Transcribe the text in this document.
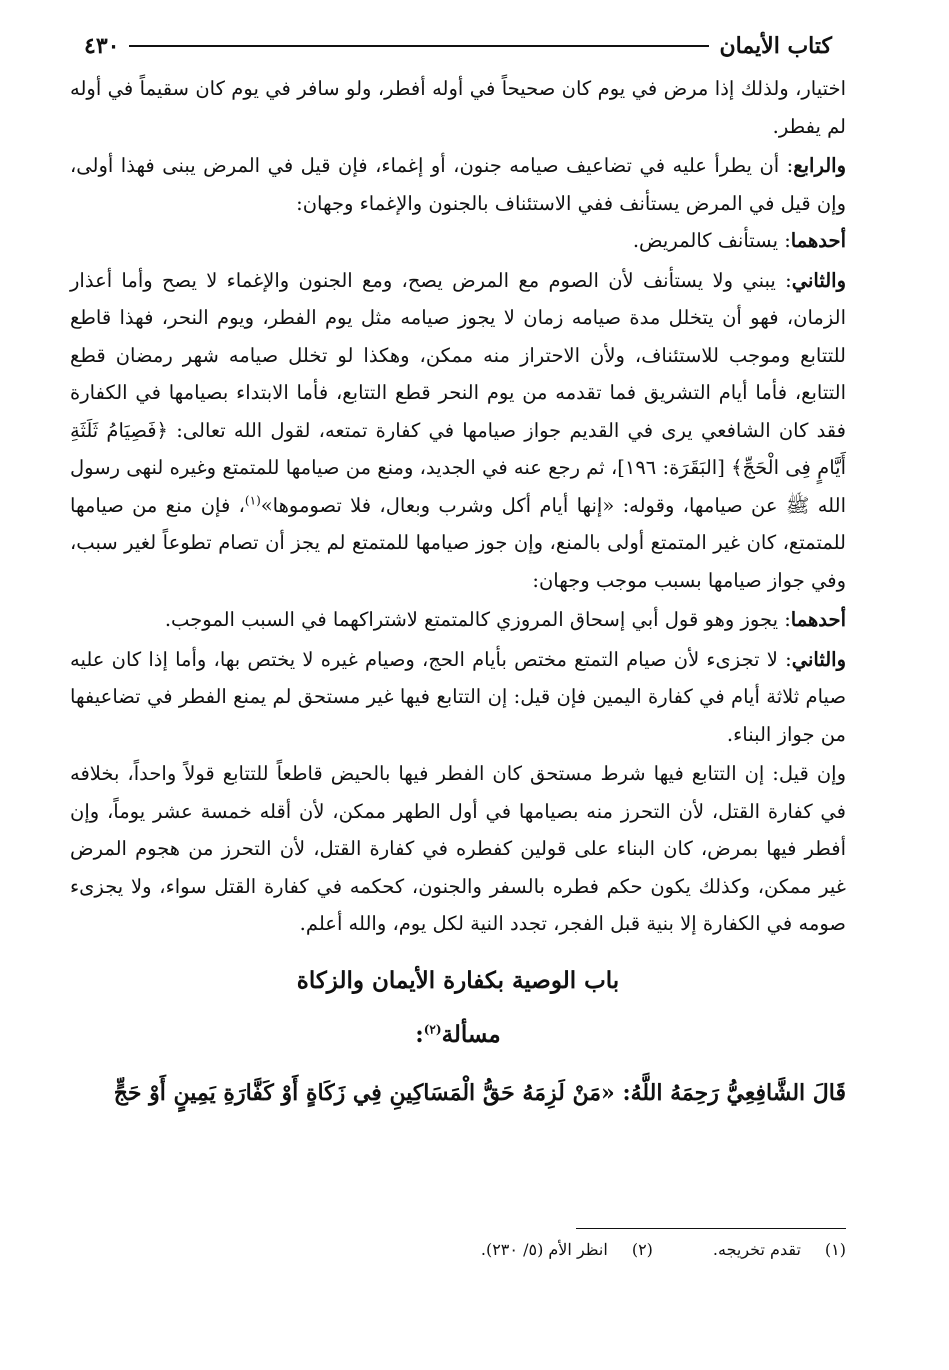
٤٣٠	كتاب الأيمان

اختيار، ولذلك إذا مرض في يوم كان صحيحاً في أوله أفطر، ولو سافر في يوم كان سقيماً في أوله لم يفطر.

والرابع: أن يطرأ عليه في تضاعيف صيامه جنون، أو إغماء، فإن قيل في المرض يبنى فهذا أولى، وإن قيل في المرض يستأنف ففي الاستئناف بالجنون والإغماء وجهان:

أحدهما: يستأنف كالمريض.

والثاني: يبني ولا يستأنف لأن الصوم مع المرض يصح، ومع الجنون والإغماء لا يصح وأما أعذار الزمان، فهو أن يتخلل مدة صيامه زمان لا يجوز صيامه مثل يوم الفطر، ويوم النحر، فهذا قاطع للتتابع وموجب للاستئناف، ولأن الاحتراز منه ممكن، وهكذا لو تخلل صيامه شهر رمضان قطع التتابع، فأما أيام التشريق فما تقدمه من يوم النحر قطع التتابع، فأما الابتداء بصيامها في الكفارة فقد كان الشافعي يرى في القديم جواز صيامها في كفارة تمتعه، لقول الله تعالى: ﴿فَصِيَامُ ثَلَثَةِ أَيَّامٍ فِى الْحَجِّ﴾ [البَقَرَة: ١٩٦]، ثم رجع عنه في الجديد، ومنع من صيامها للمتمتع وغيره لنهى رسول الله ﷺ عن صيامها، وقوله: «إنها أيام أكل وشرب وبعال، فلا تصوموها»$^{(١)}$، فإن منع من صيامها للمتمتع، كان غير المتمتع أولى بالمنع، وإن جوز صيامها للمتمتع لم يجز أن تصام تطوعاً لغير سبب، وفي جواز صيامها بسبب موجب وجهان:

أحدهما: يجوز وهو قول أبي إسحاق المروزي كالمتمتع لاشتراكهما في السبب الموجب.

والثاني: لا تجزىء لأن صيام التمتع مختص بأيام الحج، وصيام غيره لا يختص بها، وأما إذا كان عليه صيام ثلاثة أيام في كفارة اليمين فإن قيل: إن التتابع فيها غير مستحق لم يمنع الفطر في تضاعيفها من جواز البناء.

وإن قيل: إن التتابع فيها شرط مستحق كان الفطر فيها بالحيض قاطعاً للتتابع قولاً واحداً، بخلافه في كفارة القتل، لأن التحرز منه بصيامها في أول الطهر ممكن، لأن أقله خمسة عشر يوماً، وإن أفطر فيها بمرض، كان البناء على قولين كفطره في كفارة القتل، لأن التحرز من هجوم المرض غير ممكن، وكذلك يكون حكم فطره بالسفر والجنون، كحكمه في كفارة القتل سواء، ولا يجزىء صومه في الكفارة إلا بنية قبل الفجر، تجدد النية لكل يوم، والله أعلم.

باب الوصية بكفارة الأيمان والزكاة
مسألة$^{(٢)}$:
قَالَ الشَّافِعِيُّ رَحِمَهُ اللَّهُ: «مَنْ لَزِمَهُ حَقُّ الْمَسَاكِينِ فِي زَكَاةٍ أَوْ كَفَّارَةِ يَمِينٍ أَوْ حَجٍّ
(١)
تقدم تخريجه.
(٢)
انظر الأم (٥/ ٢٣٠).
